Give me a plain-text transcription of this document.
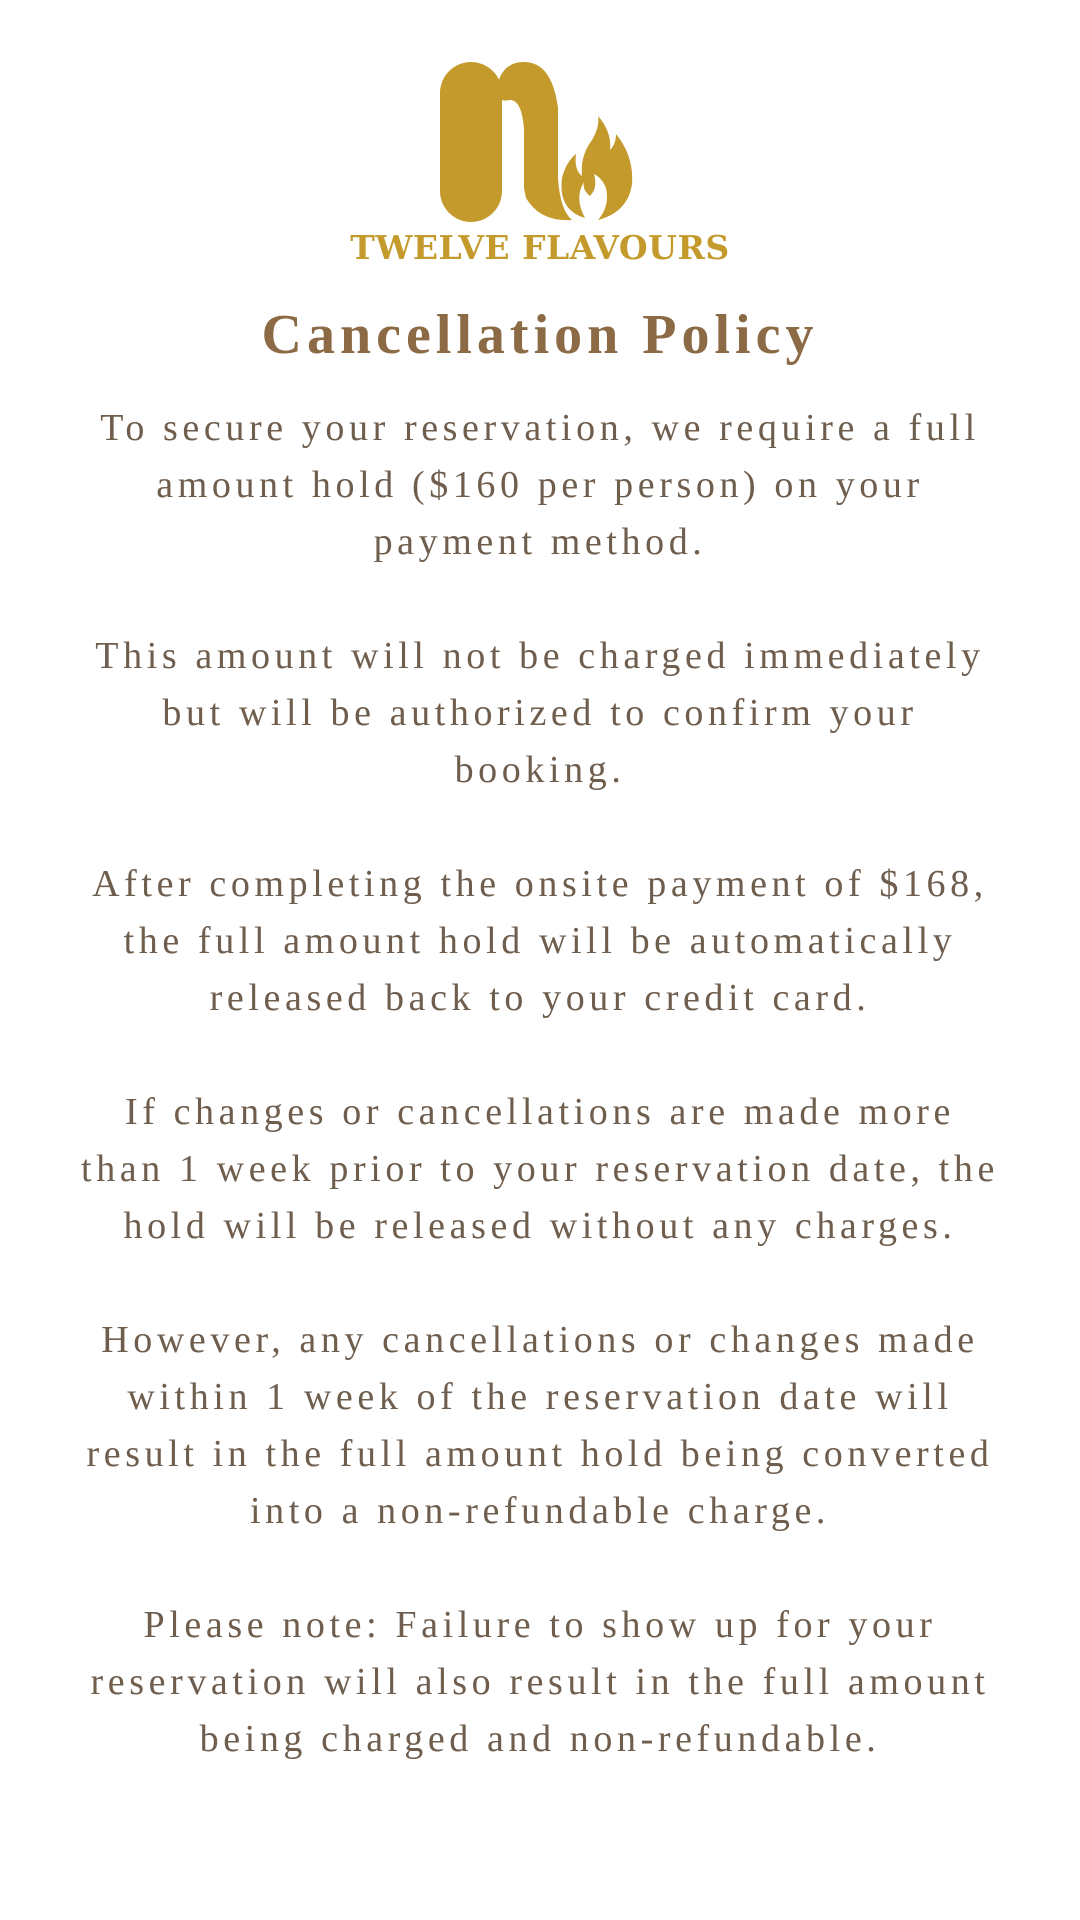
TWELVE FLAVOURS
Cancellation Policy

To secure your reservation, we require a full
amount hold ($160 per person) on your
payment method.

This amount will not be charged immediately
but will be authorized to confirm your
booking.

After completing the onsite payment of $168,
the full amount hold will be automatically
released back to your credit card.

If changes or cancellations are made more
than 1 week prior to your reservation date, the
hold will be released without any charges.

However, any cancellations or changes made
within 1 week of the reservation date will
result in the full amount hold being converted
into a non-refundable charge.

Please note: Failure to show up for your
reservation will also result in the full amount
being charged and non-refundable.
